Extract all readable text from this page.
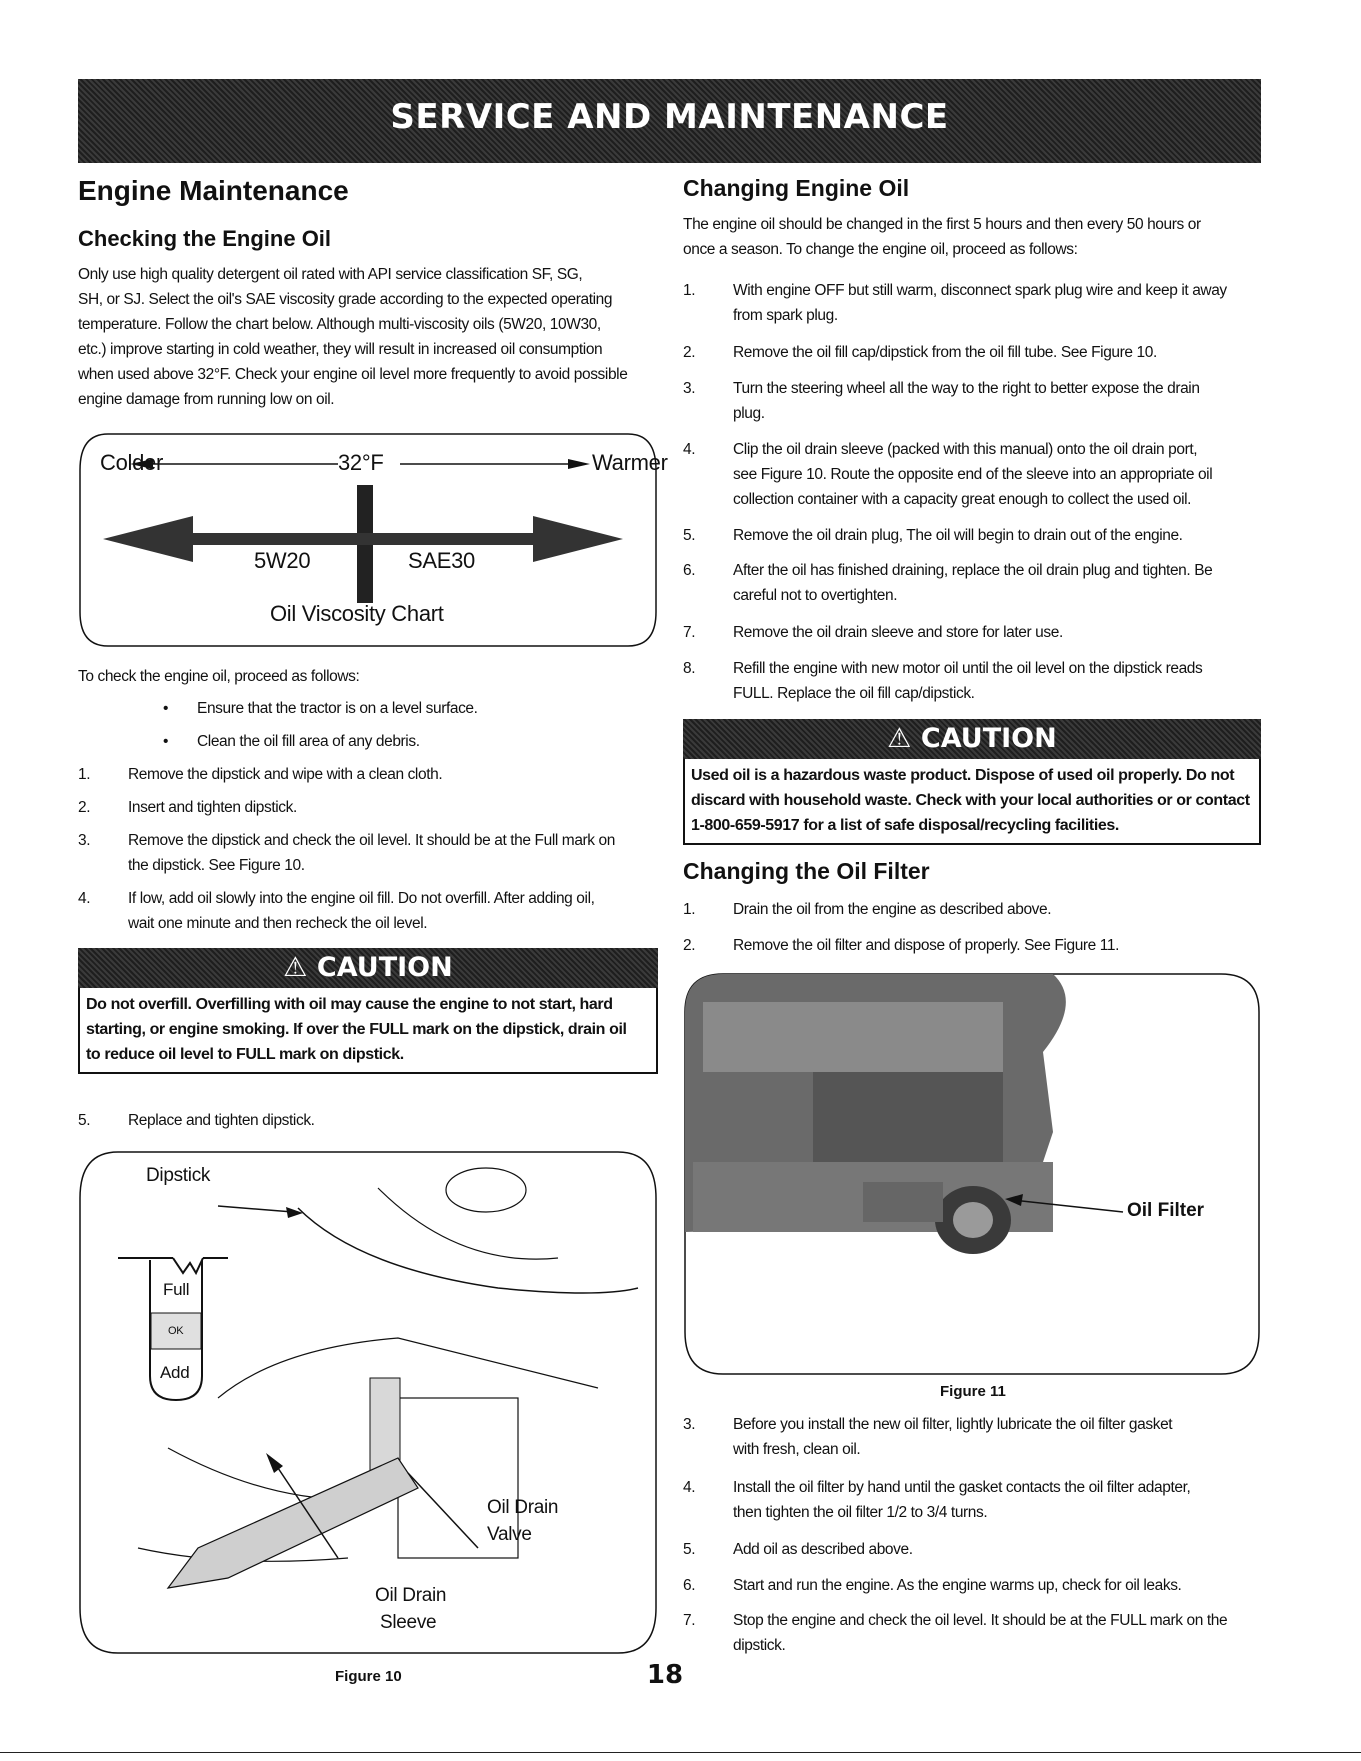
SERVICE AND MAINTENANCE
Engine Maintenance
Checking the Engine Oil
Only use high quality detergent oil rated with API service classification SF, SG,
SH, or SJ. Select the oil's SAE viscosity grade according to the expected operating
temperature. Follow the chart below. Although multi-viscosity oils (5W20, 10W30,
etc.) improve starting in cold weather, they will result in increased oil consumption
when used above 32°F. Check your engine oil level more frequently to avoid possible
engine damage from running low on oil.
Colder	32°F	Warmer
5W20	SAE30
Oil Viscosity Chart
To check the engine oil, proceed as follows:
• Ensure that the tractor is on a level surface.
• Clean the oil fill area of any debris.
1. Remove the dipstick and wipe with a clean cloth.
2. Insert and tighten dipstick.
3. Remove the dipstick and check the oil level. It should be at the Full mark on
the dipstick. See Figure 10.
4. If low, add oil slowly into the engine oil fill. Do not overfill. After adding oil,
wait one minute and then recheck the oil level.
⚠ CAUTION
Do not overfill. Overfilling with oil may cause the engine to not start, hard
starting, or engine smoking. If over the FULL mark on the dipstick, drain oil
to reduce oil level to FULL mark on dipstick.
5. Replace and tighten dipstick.
Dipstick
Full
OK
Add
Oil Drain
Valve
Oil Drain
Sleeve
Figure 10
Changing Engine Oil
The engine oil should be changed in the first 5 hours and then every 50 hours or
once a season. To change the engine oil, proceed as follows:
1. With engine OFF but still warm, disconnect spark plug wire and keep it away
from spark plug.
2. Remove the oil fill cap/dipstick from the oil fill tube. See Figure 10.
3. Turn the steering wheel all the way to the right to better expose the drain
plug.
4. Clip the oil drain sleeve (packed with this manual) onto the oil drain port,
see Figure 10. Route the opposite end of the sleeve into an appropriate oil
collection container with a capacity great enough to collect the used oil.
5. Remove the oil drain plug, The oil will begin to drain out of the engine.
6. After the oil has finished draining, replace the oil drain plug and tighten. Be
careful not to overtighten.
7. Remove the oil drain sleeve and store for later use.
8. Refill the engine with new motor oil until the oil level on the dipstick reads
FULL. Replace the oil fill cap/dipstick.
⚠ CAUTION
Used oil is a hazardous waste product. Dispose of used oil properly. Do not
discard with household waste. Check with your local authorities or or contact
1-800-659-5917 for a list of safe disposal/recycling facilities.
Changing the Oil Filter
1. Drain the oil from the engine as described above.
2. Remove the oil filter and dispose of properly. See Figure 11.
Oil Filter
Figure 11
3. Before you install the new oil filter, lightly lubricate the oil filter gasket
with fresh, clean oil.
4. Install the oil filter by hand until the gasket contacts the oil filter adapter,
then tighten the oil filter 1/2 to 3/4 turns.
5. Add oil as described above.
6. Start and run the engine. As the engine warms up, check for oil leaks.
7. Stop the engine and check the oil level. It should be at the FULL mark on the
dipstick.
18
